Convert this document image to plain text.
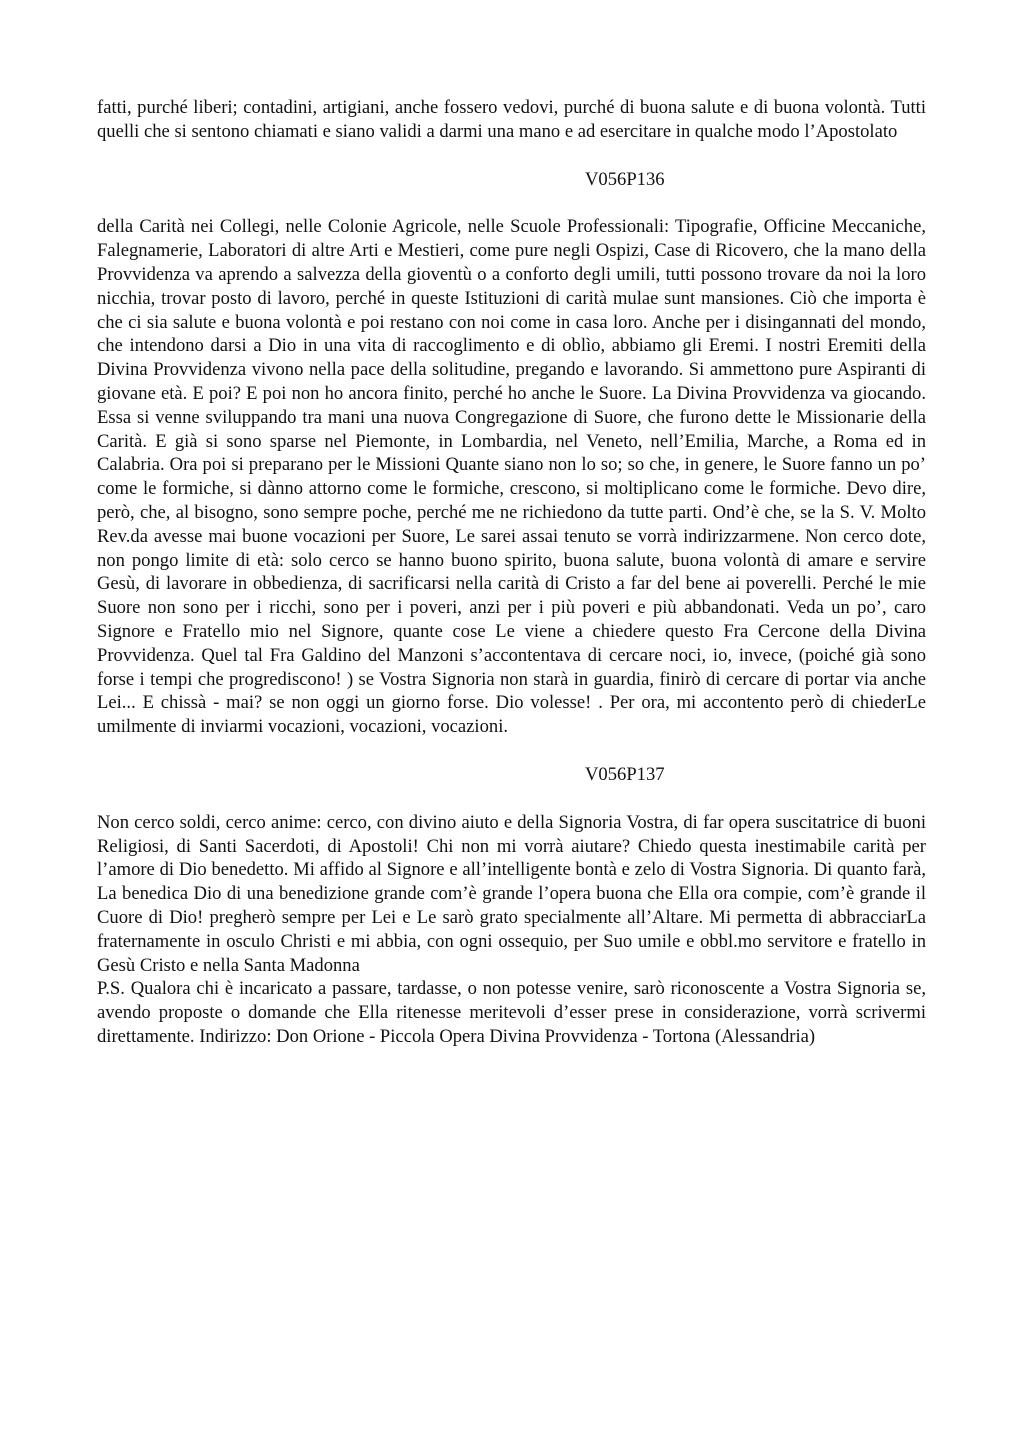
fatti, purché liberi; contadini, artigiani, anche fossero vedovi, purché di buona salute e di buona volontà. Tutti quelli che si sentono chiamati e siano validi a darmi una mano e ad esercitare in qualche modo l’Apostolato

V056P136

della Carità nei Collegi, nelle Colonie Agricole, nelle Scuole Professionali: Tipografie, Officine Meccaniche, Falegnamerie, Laboratori di altre Arti e Mestieri, come pure negli Ospizi, Case di Ricovero, che la mano della Provvidenza va aprendo a salvezza della gioventù o a conforto degli umili, tutti possono trovare da noi la loro nicchia, trovar posto di lavoro, perché in queste Istituzioni di carità mulae sunt mansiones. Ciò che importa è che ci sia salute e buona volontà e poi restano con noi come in casa loro. Anche per i disingannati del mondo, che intendono darsi a Dio in una vita di raccoglimento e di oblìo, abbiamo gli Eremi. I nostri Eremiti della Divina Provvidenza vivono nella pace della solitudine, pregando e lavorando. Si ammettono pure Aspiranti di giovane età. E poi? E poi non ho ancora finito, perché ho anche le Suore. La Divina Provvidenza va giocando. Essa si venne sviluppando tra mani una nuova Congregazione di Suore, che furono dette le Missionarie della Carità. E già si sono sparse nel Piemonte, in Lombardia, nel Veneto, nell’Emilia, Marche, a Roma ed in Calabria. Ora poi si preparano per le Missioni Quante siano non lo so; so che, in genere, le Suore fanno un po’ come le formiche, si dànno attorno come le formiche, crescono, si moltiplicano come le formiche. Devo dire, però, che, al bisogno, sono sempre poche, perché me ne richiedono da tutte parti. Ond’è che, se la S. V. Molto Rev.da avesse mai buone vocazioni per Suore, Le sarei assai tenuto se vorrà indirizzarmene. Non cerco dote, non pongo limite di età: solo cerco se hanno buono spirito, buona salute, buona volontà di amare e servire Gesù, di lavorare in obbedienza, di sacrificarsi nella carità di Cristo a far del bene ai poverelli. Perché le mie Suore non sono per i ricchi, sono per i poveri, anzi per i più poveri e più abbandonati. Veda un po’, caro Signore e Fratello mio nel Signore, quante cose Le viene a chiedere questo Fra Cercone della Divina Provvidenza. Quel tal Fra Galdino del Manzoni s’accontentava di cercare noci, io, invece, (poiché già sono forse i tempi che progrediscono! ) se Vostra Signoria non starà in guardia, finirò di cercare di portar via anche Lei... E chissà - mai? se non oggi un giorno forse. Dio volesse! . Per ora, mi accontento però di chiederLe umilmente di inviarmi vocazioni, vocazioni, vocazioni.

V056P137

Non cerco soldi, cerco anime: cerco, con divino aiuto e della Signoria Vostra, di far opera suscitatrice di buoni Religiosi, di Santi Sacerdoti, di Apostoli! Chi non mi vorrà aiutare? Chiedo questa inestimabile carità per l’amore di Dio benedetto. Mi affido al Signore e all’intelligente bontà e zelo di Vostra Signoria. Di quanto farà, La benedica Dio di una benedizione grande com’è grande l’opera buona che Ella ora compie, com’è grande il Cuore di Dio! pregherò sempre per Lei e Le sarò grato specialmente all’Altare. Mi permetta di abbracciarLa fraternamente in osculo Christi e mi abbia, con ogni ossequio, per Suo umile e obbl.mo servitore e fratello in Gesù Cristo e nella Santa Madonna

P.S. Qualora chi è incaricato a passare, tardasse, o non potesse venire, sarò riconoscente a Vostra Signoria se, avendo proposte o domande che Ella ritenesse meritevoli d’esser prese in considerazione, vorrà scrivermi direttamente. Indirizzo: Don Orione - Piccola Opera Divina Provvidenza - Tortona (Alessandria)
